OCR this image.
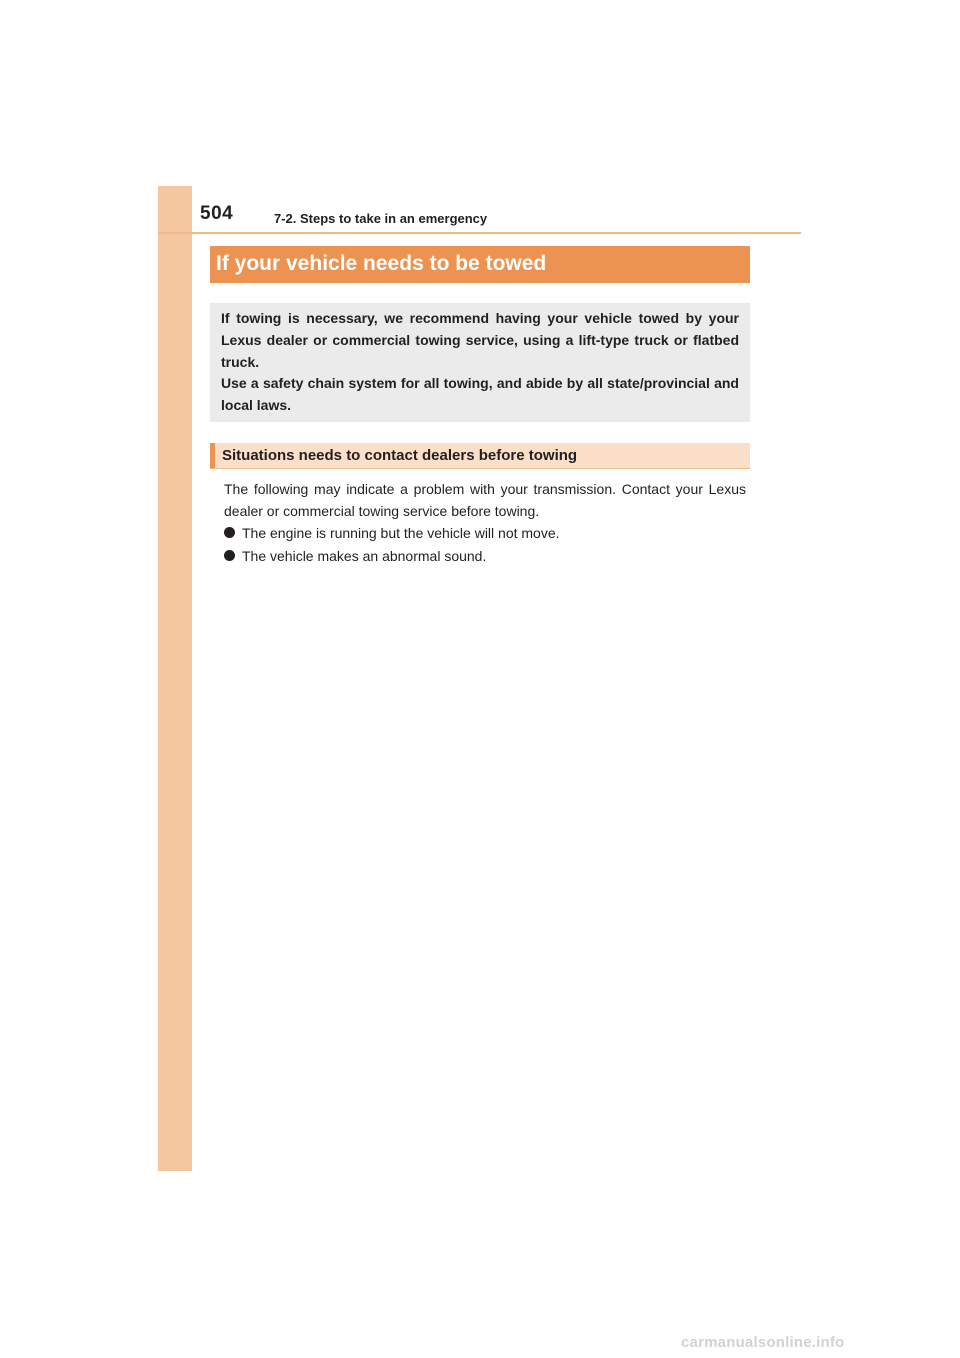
504	7-2. Steps to take in an emergency
If your vehicle needs to be towed

If towing is necessary, we recommend having your vehicle towed by your Lexus dealer or commercial towing service, using a lift-type truck or flatbed truck.

Use a safety chain system for all towing, and abide by all state/provincial and local laws.

Situations needs to contact dealers before towing

The following may indicate a problem with your transmission. Contact your Lexus dealer or commercial towing service before towing.

The engine is running but the vehicle will not move.
The vehicle makes an abnormal sound.
carmanualsonline.info
